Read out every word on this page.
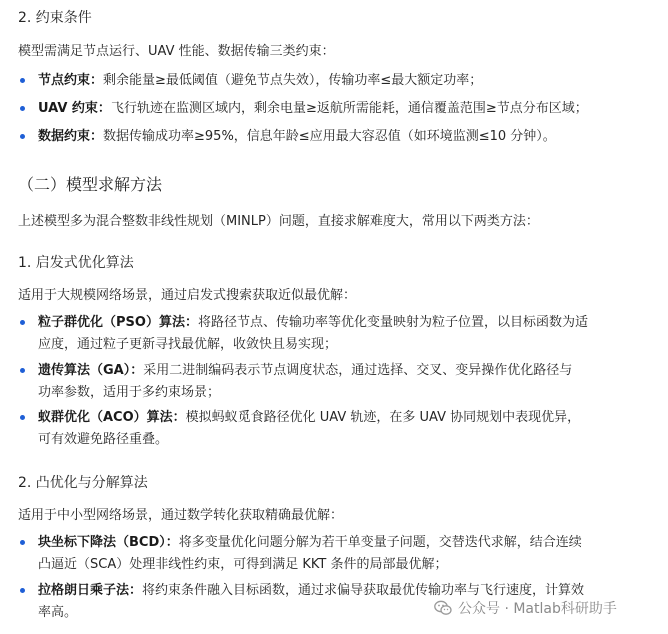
2. 约束条件
模型需满足节点运行、UAV 性能、数据传输三类约束：
节点约束：剩余能量≥最低阈值（避免节点失效），传输功率≤最大额定功率；
UAV 约束：飞行轨迹在监测区域内，剩余电量≥返航所需能耗，通信覆盖范围≥节点分布区域；
数据约束：数据传输成功率≥95%，信息年龄≤应用最大容忍值（如环境监测≤10 分钟）。
（二）模型求解方法
上述模型多为混合整数非线性规划（MINLP）问题，直接求解难度大，常用以下两类方法：
1. 启发式优化算法
适用于大规模网络场景，通过启发式搜索获取近似最优解：
粒子群优化（PSO）算法：将路径节点、传输功率等优化变量映射为粒子位置，以目标函数为适
应度，通过粒子更新寻找最优解，收敛快且易实现；
遗传算法（GA）：采用二进制编码表示节点调度状态，通过选择、交叉、变异操作优化路径与
功率参数，适用于多约束场景；
蚁群优化（ACO）算法：模拟蚂蚁觅食路径优化 UAV 轨迹，在多 UAV 协同规划中表现优异，
可有效避免路径重叠。
2. 凸优化与分解算法
适用于中小型网络场景，通过数学转化获取精确最优解：
块坐标下降法（BCD）：将多变量优化问题分解为若干单变量子问题，交替迭代求解，结合连续
凸逼近（SCA）处理非线性约束，可得到满足 KKT 条件的局部最优解；
拉格朗日乘子法：将约束条件融入目标函数，通过求偏导获取最优传输功率与飞行速度，计算效
率高。	公众号 · Matlab科研助手
